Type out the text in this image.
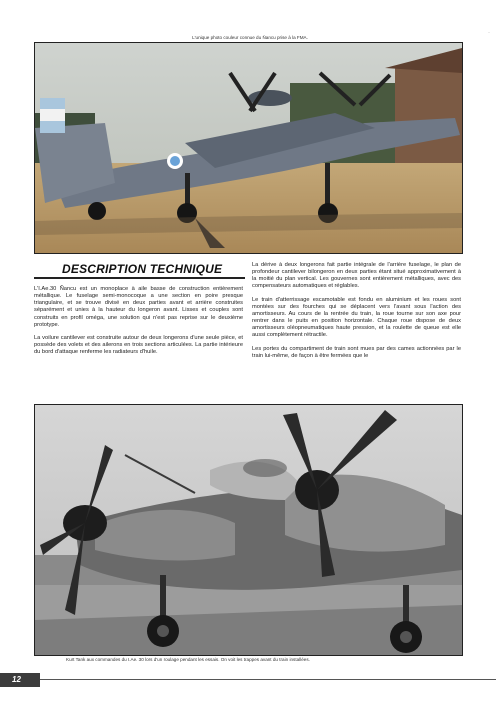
L'unique photo couleur connue du Ñancu prise à la FMA.
·
DESCRIPTION TECHNIQUE

L'I.Ae.30 Ñancu est un monoplace à aile basse de construction entièrement métallique. Le fuselage semi-monocoque a une section en poire presque triangulaire, et se trouve divisé en deux parties avant et arrière construites séparément et unies à la hauteur du longeron avant. Lisses et couples sont construits en profil oméga, une solution qui n'est pas reprise sur le deuxième prototype.

La voilure cantilever est construite autour de deux longerons d'une seule pièce, et possède des volets et des ailerons en trois sections articulées. La partie intérieure du bord d'attaque renferme les radiateurs d'huile.

La dérive à deux longerons fait partie intégrale de l'arrière fuselage, le plan de profondeur cantilever bilongeron en deux parties étant situé approximativement à la moitié du plan vertical. Les gouvernes sont entièrement métalliques, avec des compensateurs automatiques et réglables.

Le train d'atterrissage escamotable est fondu en aluminium et les roues sont montées sur des fourches qui se déplacent vers l'avant sous l'action des amortisseurs. Au cours de la rentrée du train, la roue tourne sur son axe pour rentrer dans le puits en position horizontale. Chaque roue dispose de deux amortisseurs oléopneumatiques haute pression, et la roulette de queue est elle aussi complètement rétractile.

Les portes du compartiment de train sont mues par des cames actionnées par le train lui-même, de façon à être fermées que le

Kurt Tank aux commandes du I.Ae. 30 lors d'un roulage pendant les essais. On voit les trappes avant du train installées.
12
